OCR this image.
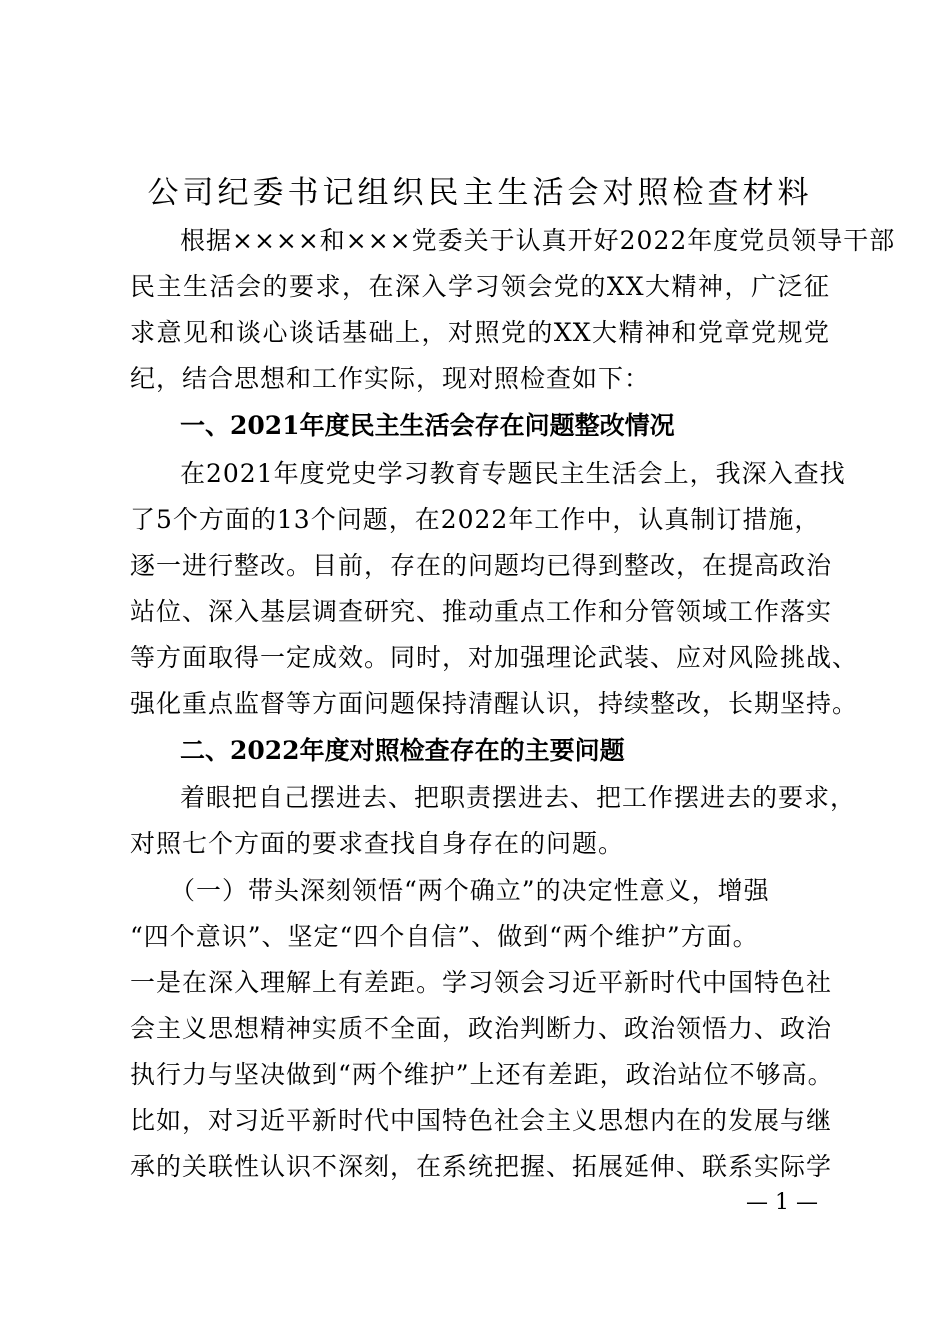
公司纪委书记组织民主生活会对照检查材料
根据××××和×××党委关于认真开好2022年度党员领导干部
民主生活会的要求，在深入学习领会党的XX大精神，广泛征
求意见和谈心谈话基础上，对照党的XX大精神和党章党规党
纪，结合思想和工作实际，现对照检查如下：
一、2021年度民主生活会存在问题整改情况
在2021年度党史学习教育专题民主生活会上，我深入查找
了5个方面的13个问题，在2022年工作中，认真制订措施，
逐一进行整改。目前，存在的问题均已得到整改，在提高政治
站位、深入基层调查研究、推动重点工作和分管领域工作落实
等方面取得一定成效。同时，对加强理论武装、应对风险挑战、
强化重点监督等方面问题保持清醒认识，持续整改，长期坚持。
二、2022年度对照检查存在的主要问题
着眼把自己摆进去、把职责摆进去、把工作摆进去的要求，
对照七个方面的要求查找自身存在的问题。
（一）带头深刻领悟“两个确立”的决定性意义，增强
“四个意识”、坚定“四个自信”、做到“两个维护”方面。
一是在深入理解上有差距。学习领会习近平新时代中国特色社
会主义思想精神实质不全面，政治判断力、政治领悟力、政治
执行力与坚决做到“两个维护”上还有差距，政治站位不够高。
比如，对习近平新时代中国特色社会主义思想内在的发展与继
承的关联性认识不深刻，在系统把握、拓展延伸、联系实际学
— 1 —
